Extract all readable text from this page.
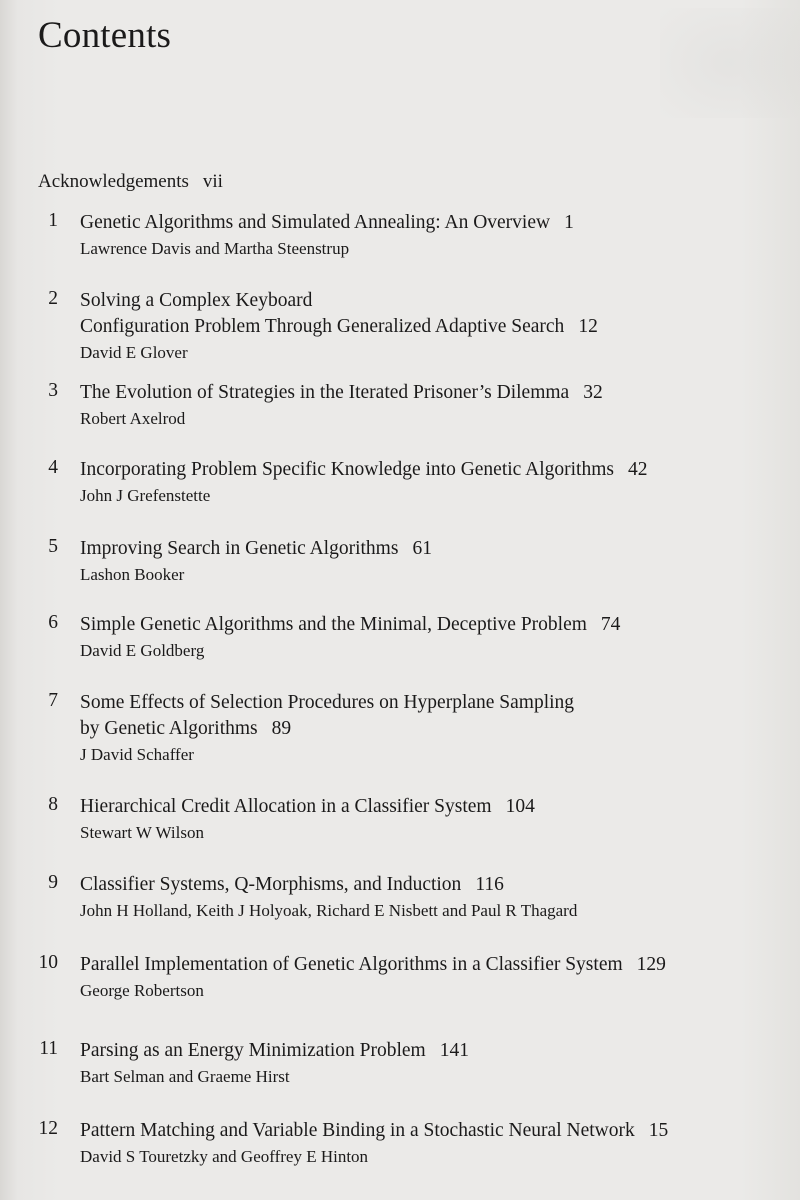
Contents
Acknowledgements vii
1 Genetic Algorithms and Simulated Annealing: An Overview 1
Lawrence Davis and Martha Steenstrup
2 Solving a Complex Keyboard
Configuration Problem Through Generalized Adaptive Search 12
David E Glover
3 The Evolution of Strategies in the Iterated Prisoner’s Dilemma 32
Robert Axelrod
4 Incorporating Problem Specific Knowledge into Genetic Algorithms 42
John J Grefenstette
5 Improving Search in Genetic Algorithms 61
Lashon Booker
6 Simple Genetic Algorithms and the Minimal, Deceptive Problem 74
David E Goldberg
7 Some Effects of Selection Procedures on Hyperplane Sampling
by Genetic Algorithms 89
J David Schaffer
8 Hierarchical Credit Allocation in a Classifier System 104
Stewart W Wilson
9 Classifier Systems, Q-Morphisms, and Induction 116
John H Holland, Keith J Holyoak, Richard E Nisbett and Paul R Thagard
10 Parallel Implementation of Genetic Algorithms in a Classifier System 129
George Robertson
11 Parsing as an Energy Minimization Problem 141
Bart Selman and Graeme Hirst
12 Pattern Matching and Variable Binding in a Stochastic Neural Network 15
David S Touretzky and Geoffrey E Hinton
